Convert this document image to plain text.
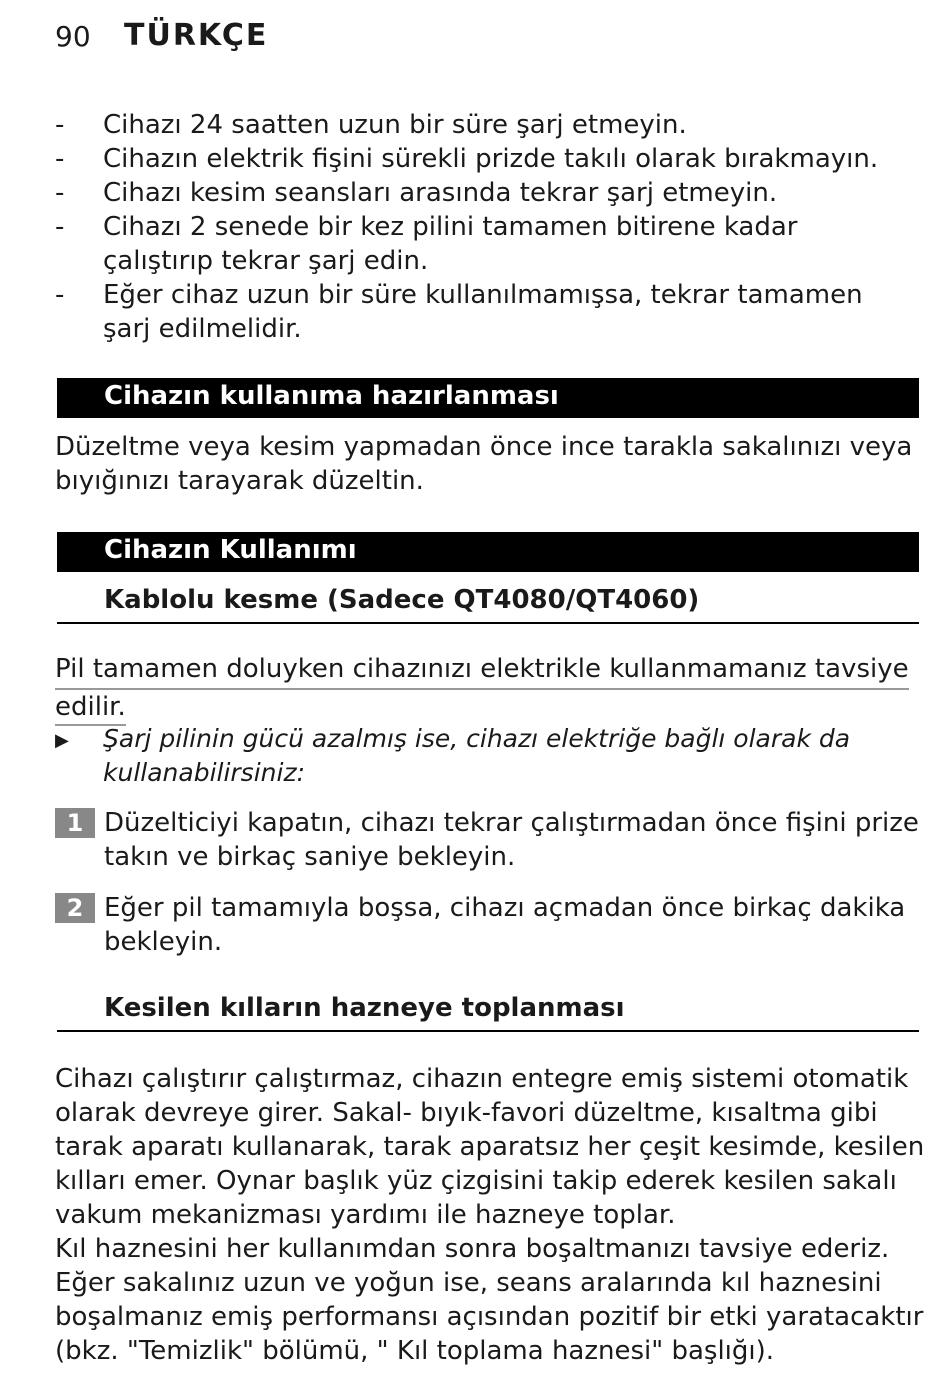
90 TÜRKÇE
-	Cihazı 24 saatten uzun bir süre şarj etmeyin.
-	Cihazın elektrik fişini sürekli prizde takılı olarak bırakmayın.
-	Cihazı kesim seansları arasında tekrar şarj etmeyin.
-	Cihazı 2 senede bir kez pilini tamamen bitirene kadar çalıştırıp tekrar şarj edin.
-	Eğer cihaz uzun bir süre kullanılmamışsa, tekrar tamamen şarj edilmelidir.
Cihazın kullanıma hazırlanması
Düzeltme veya kesim yapmadan önce ince tarakla sakalınızı veya bıyığınızı tarayarak düzeltin.
Cihazın Kullanımı
Kablolu kesme (Sadece QT4080/QT4060)
Pil tamamen doluyken cihazınızı elektrikle kullanmamanız tavsiye
edilir.
▶	Şarj pilinin gücü azalmış ise, cihazı elektriğe bağlı olarak da kullanabilirsiniz:
1 Düzelticiyi kapatın, cihazı tekrar çalıştırmadan önce fişini prize takın ve birkaç saniye bekleyin.
2 Eğer pil tamamıyla boşsa, cihazı açmadan önce birkaç dakika bekleyin.
Kesilen kılların hazneye toplanması
Cihazı çalıştırır çalıştırmaz, cihazın entegre emiş sistemi otomatik olarak devreye girer. Sakal- bıyık-favori düzeltme, kısaltma gibi tarak aparatı kullanarak, tarak aparatsız her çeşit kesimde, kesilen kılları emer. Oynar başlık yüz çizgisini takip ederek kesilen sakalı vakum mekanizması yardımı ile hazneye toplar.
Kıl haznesini her kullanımdan sonra boşaltmanızı tavsiye ederiz. Eğer sakalınız uzun ve yoğun ise, seans aralarında kıl haznesini boşalmanız emiş performansı açısından pozitif bir etki yaratacaktır (bkz. "Temizlik" bölümü, " Kıl toplama haznesi" başlığı).
